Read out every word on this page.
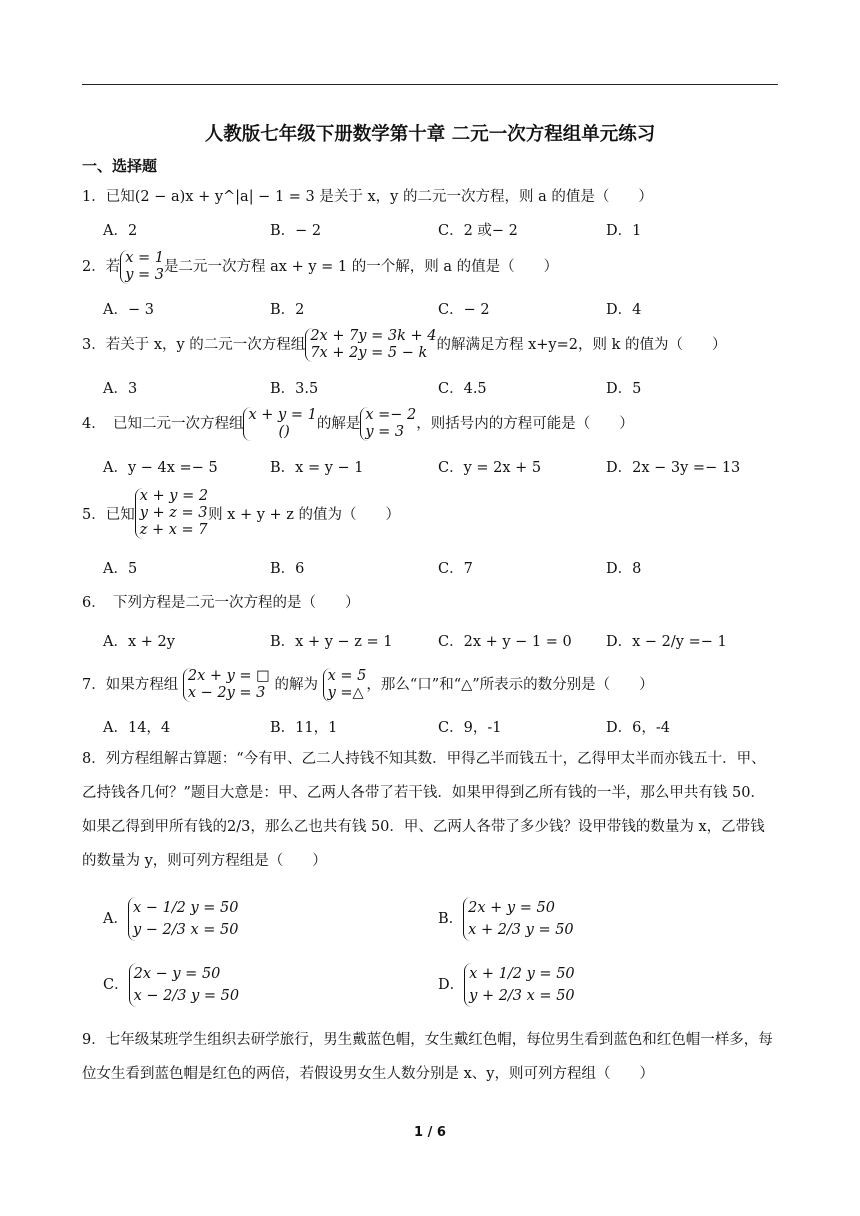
人教版七年级下册数学第十章 二元一次方程组单元练习
一、选择题
1．已知(2 − a)x + y^|a| − 1 = 3 是关于 x，y 的二元一次方程，则 a 的值是（　　）
A．2	B．− 2	C．2 或− 2	D．1
2．若x = 1
y = 3是二元一次方程 ax + y = 1 的一个解，则 a 的值是（　　）
A．− 3	B．2	C．− 2	D．4
3．若关于 x，y 的二元一次方程组2x + 7y = 3k + 4
7x + 2y = 5 − k 的解满足方程 x+y=2，则 k 的值为（　　）
A．3	B．3.5	C．4.5	D．5
4．　已知二元一次方程组x + y = 1
() 的解是x =− 2
y = 3 ，则括号内的方程可能是（　　）
A．y − 4x =− 5	B．x = y − 1	C．y = 2x + 5	D．2x − 3y =− 13
5．已知x + y = 2
y + z = 3
z + x = 7则 x + y + z 的值为（　　）
A．5	B．6	C．7	D．8
6．　下列方程是二元一次方程的是（　　）
A．x + 2y	B．x + y − z = 1	C．2x + y − 1 = 0 D．x − 2/y =− 1
7．如果方程组 2x + y = □
x − 2y = 3 的解为 x = 5
y =△ ，那么“口”和“△”所表示的数分别是（　　）
A．14，4	B．11，1	C．9，-1	D．6，-4
8．列方程组解古算题：“今有甲、乙二人持钱不知其数．甲得乙半而钱五十，乙得甲太半而亦钱五十．甲、乙持钱各几何？”题目大意是：甲、乙两人各带了若干钱．如果甲得到乙所有钱的一半，那么甲共有钱 50．如果乙得到甲所有钱的2/3，那么乙也共有钱 50．甲、乙两人各带了多少钱？设甲带钱的数量为 x，乙带钱的数量为 y，则可列方程组是（　　）
A．x − 1/2 y = 50
y − 2/3 x = 50
B．2x + y = 50
x + 2/3 y = 50
C．2x − y = 50
x − 2/3 y = 50
D．x + 1/2 y = 50
y + 2/3 x = 50
9．七年级某班学生组织去研学旅行，男生戴蓝色帽，女生戴红色帽，每位男生看到蓝色和红色帽一样多，每位女生看到蓝色帽是红色的两倍，若假设男女生人数分别是 x、y，则可列方程组（　　）
1 / 6
